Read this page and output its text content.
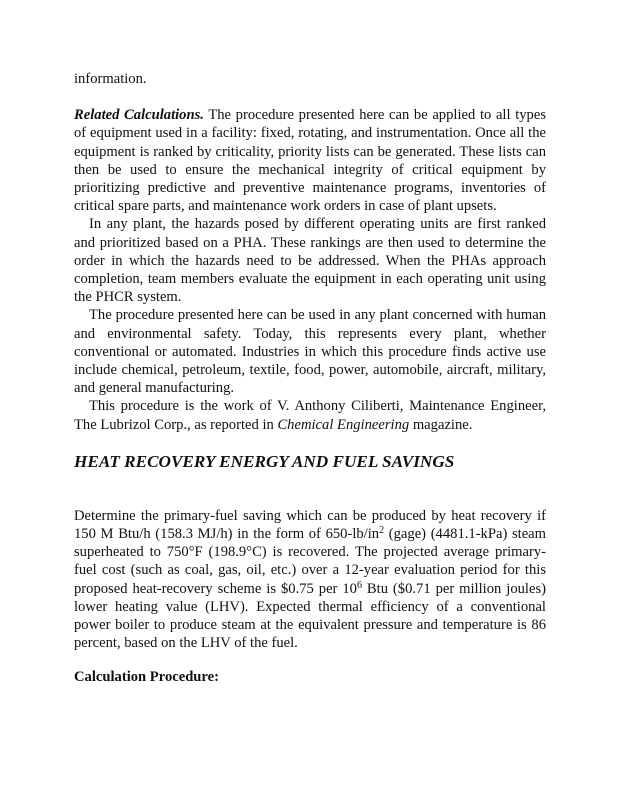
information.

Related Calculations. The procedure presented here can be applied to all types of equipment used in a facility: fixed, rotating, and instrumentation. Once all the equipment is ranked by criticality, priority lists can be generated. These lists can then be used to ensure the mechanical integrity of critical equipment by prioritizing predictive and preventive maintenance programs, inventories of critical spare parts, and maintenance work orders in case of plant upsets.

In any plant, the hazards posed by different operating units are first ranked and prioritized based on a PHA. These rankings are then used to determine the order in which the hazards need to be addressed. When the PHAs approach completion, team members evaluate the equipment in each operating unit using the PHCR system.

The procedure presented here can be used in any plant concerned with human and environmental safety. Today, this represents every plant, whether conventional or automated. Industries in which this procedure finds active use include chemical, petroleum, textile, food, power, automobile, aircraft, military, and general manufacturing.

This procedure is the work of V. Anthony Ciliberti, Maintenance Engineer, The Lubrizol Corp., as reported in Chemical Engineering magazine.

HEAT RECOVERY ENERGY AND FUEL SAVINGS

Determine the primary-fuel saving which can be produced by heat recovery if 150 M Btu/h (158.3 MJ/h) in the form of $650-lb/in^2$ (gage) (4481.1-kPa) steam superheated to 750°F (198.9°C) is recovered. The projected average primary-fuel cost (such as coal, gas, oil, etc.) over a 12-year evaluation period for this proposed heat-recovery scheme is $0.75 per $10^6$ Btu ($0.71 per million joules) lower heating value (LHV). Expected thermal efficiency of a conventional power boiler to produce steam at the equivalent pressure and temperature is 86 percent, based on the LHV of the fuel.

Calculation Procedure:
